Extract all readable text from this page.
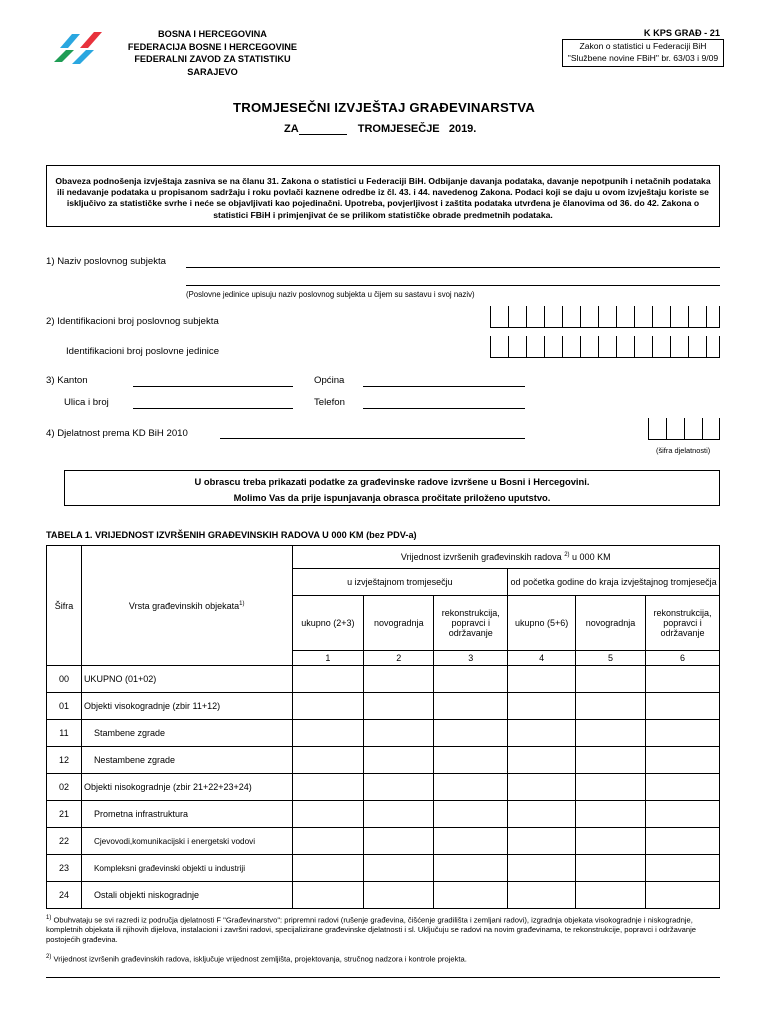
BOSNA I HERCEGOVINA
FEDERACIJA BOSNE I HERCEGOVINE
FEDERALNI ZAVOD ZA STATISTIKU
SARAJEVO
K KPS GRAĐ - 21
Zakon o statistici u Federaciji BiH
"Službene novine FBiH" br. 63/03 i 9/09
TROMJESEČNI IZVJEŠTAJ GRAĐEVINARSTVA
ZA	TROMJESEČJE 2019.
Obaveza podnošenja izvještaja zasniva se na članu 31. Zakona o statistici u Federaciji BiH. Odbijanje davanja podataka, davanje nepotpunih i netačnih podataka ili nedavanje podataka u propisanom sadržaju i roku povlači kaznene odredbe iz čl. 43. i 44. navedenog Zakona. Podaci koji se daju u ovom izvještaju koriste se isključivo za statističke svrhe i neće se objavljivati kao pojedinačni. Upotreba, povjerljivost i zaštita podataka utvrđena je članovima od 36. do 42. Zakona o statistici FBiH i primjenjivat će se prilikom statističke obrade predmetnih podataka.
1) Naziv poslovnog subjekta
(Poslovne jedinice upisuju naziv poslovnog subjekta u čijem su sastavu i svoj naziv)
2) Identifikacioni broj poslovnog subjekta
Identifikacioni broj poslovne jedinice
3) Kanton	Općina
Ulica i broj	Telefon
4) Djelatnost prema KD BiH 2010
(šifra djelatnosti)
U obrascu treba prikazati podatke za građevinske radove izvršene u Bosni i Hercegovini.
Molimo Vas da prije ispunjavanja obrasca pročitate priloženo uputstvo.
TABELA 1. VRIJEDNOST IZVRŠENIH GRAĐEVINSKIH RADOVA U 000 KM (bez PDV-a)
Šifra	Vrsta građevinskih objekata$^{1)}$	Vrijednost izvršenih građevinskih radova $^{2)}$ u 000 KM					
		u izvještajnom tromjesečju			od početka godine do kraja izvještajnog tromjesečja		
		ukupno (2+3)	novogradnja	rekonstrukcija, popravci i održavanje	ukupno (5+6)	novogradnja	rekonstrukcija, popravci i održavanje
		1	2	3	4	5	6
00	UKUPNO (01+02)						
01	Objekti visokogradnje (zbir 11+12)						
11	Stambene zgrade						
12	Nestambene zgrade						
02	Objekti nisokogradnje (zbir 21+22+23+24)						
21	Prometna infrastruktura						
22	Cjevovodi,komunikacijski i energetski vodovi						
23	Kompleksni građevinski objekti u industriji						
24	Ostali objekti niskogradnje						
$^{1)}$ Obuhvataju se svi razredi iz područja djelatnosti F "Građevinarstvo": pripremni radovi (rušenje građevina, čišćenje gradilišta i zemljani radovi), izgradnja objekata visokogradnje i niskogradnje, kompletnih objekata ili njihovih dijelova, instalacioni i završni radovi, specijalizirane građevinske djelatnosti i sl. Uključuju se radovi na novim građevinama, te rekonstrukcije, popravci i održavanje postojećih građevina.
$^{2)}$ Vrijednost izvršenih građevinskih radova, isključuje vrijednost zemljišta, projektovanja, stručnog nadzora i kontrole projekta.
